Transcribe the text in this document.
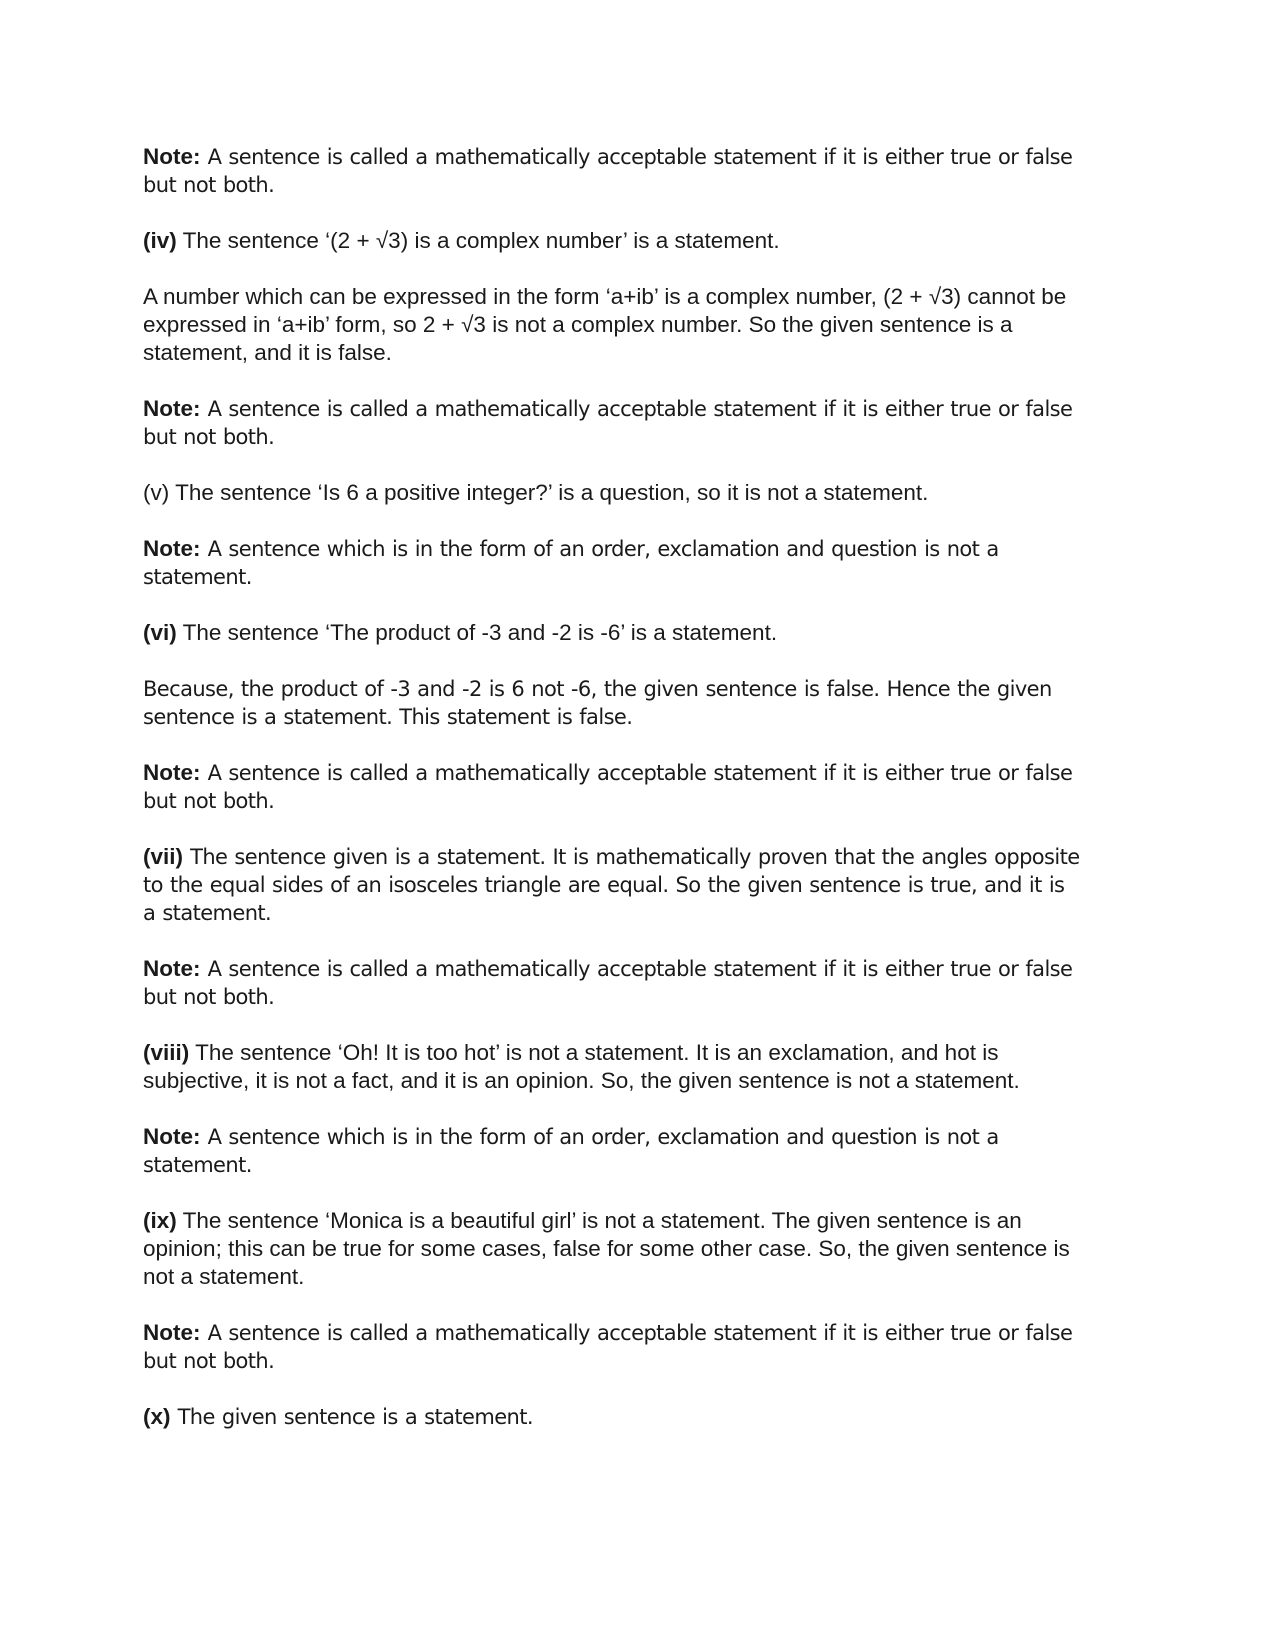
Note: A sentence is called a mathematically acceptable statement if it is either true or false but not both.

(iv) The sentence ‘(2 + √3) is a complex number’ is a statement.

A number which can be expressed in the form ‘a+ib’ is a complex number, (2 + √3) cannot be expressed in ‘a+ib’ form, so 2 + √3 is not a complex number. So the given sentence is a statement, and it is false.

Note: A sentence is called a mathematically acceptable statement if it is either true or false but not both.

(v) The sentence ‘Is 6 a positive integer?’ is a question, so it is not a statement.

Note: A sentence which is in the form of an order, exclamation and question is not a statement.

(vi) The sentence ‘The product of -3 and -2 is -6’ is a statement.

Because, the product of -3 and -2 is 6 not -6, the given sentence is false. Hence the given sentence is a statement. This statement is false.

Note: A sentence is called a mathematically acceptable statement if it is either true or false but not both.

(vii) The sentence given is a statement. It is mathematically proven that the angles opposite to the equal sides of an isosceles triangle are equal. So the given sentence is true, and it is a statement.

Note: A sentence is called a mathematically acceptable statement if it is either true or false but not both.

(viii) The sentence ‘Oh! It is too hot’ is not a statement. It is an exclamation, and hot is subjective, it is not a fact, and it is an opinion. So, the given sentence is not a statement.

Note: A sentence which is in the form of an order, exclamation and question is not a statement.

(ix) The sentence ‘Monica is a beautiful girl’ is not a statement. The given sentence is an opinion; this can be true for some cases, false for some other case. So, the given sentence is not a statement.

Note: A sentence is called a mathematically acceptable statement if it is either true or false but not both.

(x) The given sentence is a statement.
